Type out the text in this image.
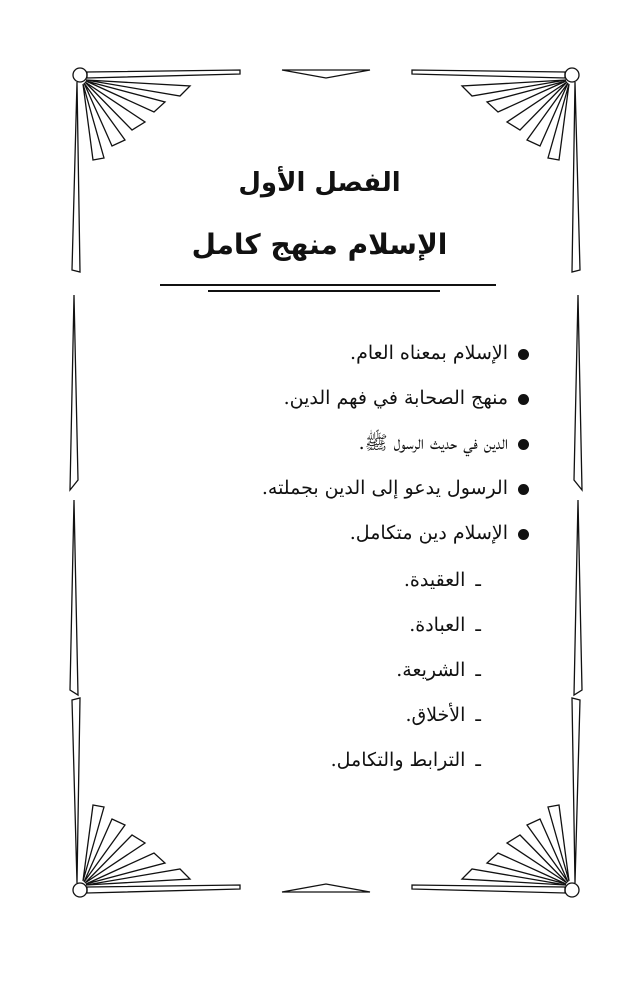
الفصل الأول
الإسلام منهج كامل
الإسلام بمعناه العام.
منهج الصحابة في فهم الدين.
الدين في حديث الرسول ﷺ.
الرسول يدعو إلى الدين بجملته.
الإسلام دين متكامل.
ـالعقيدة.
ـالعبادة.
ـالشريعة.
ـالأخلاق.
ـالترابط والتكامل.
